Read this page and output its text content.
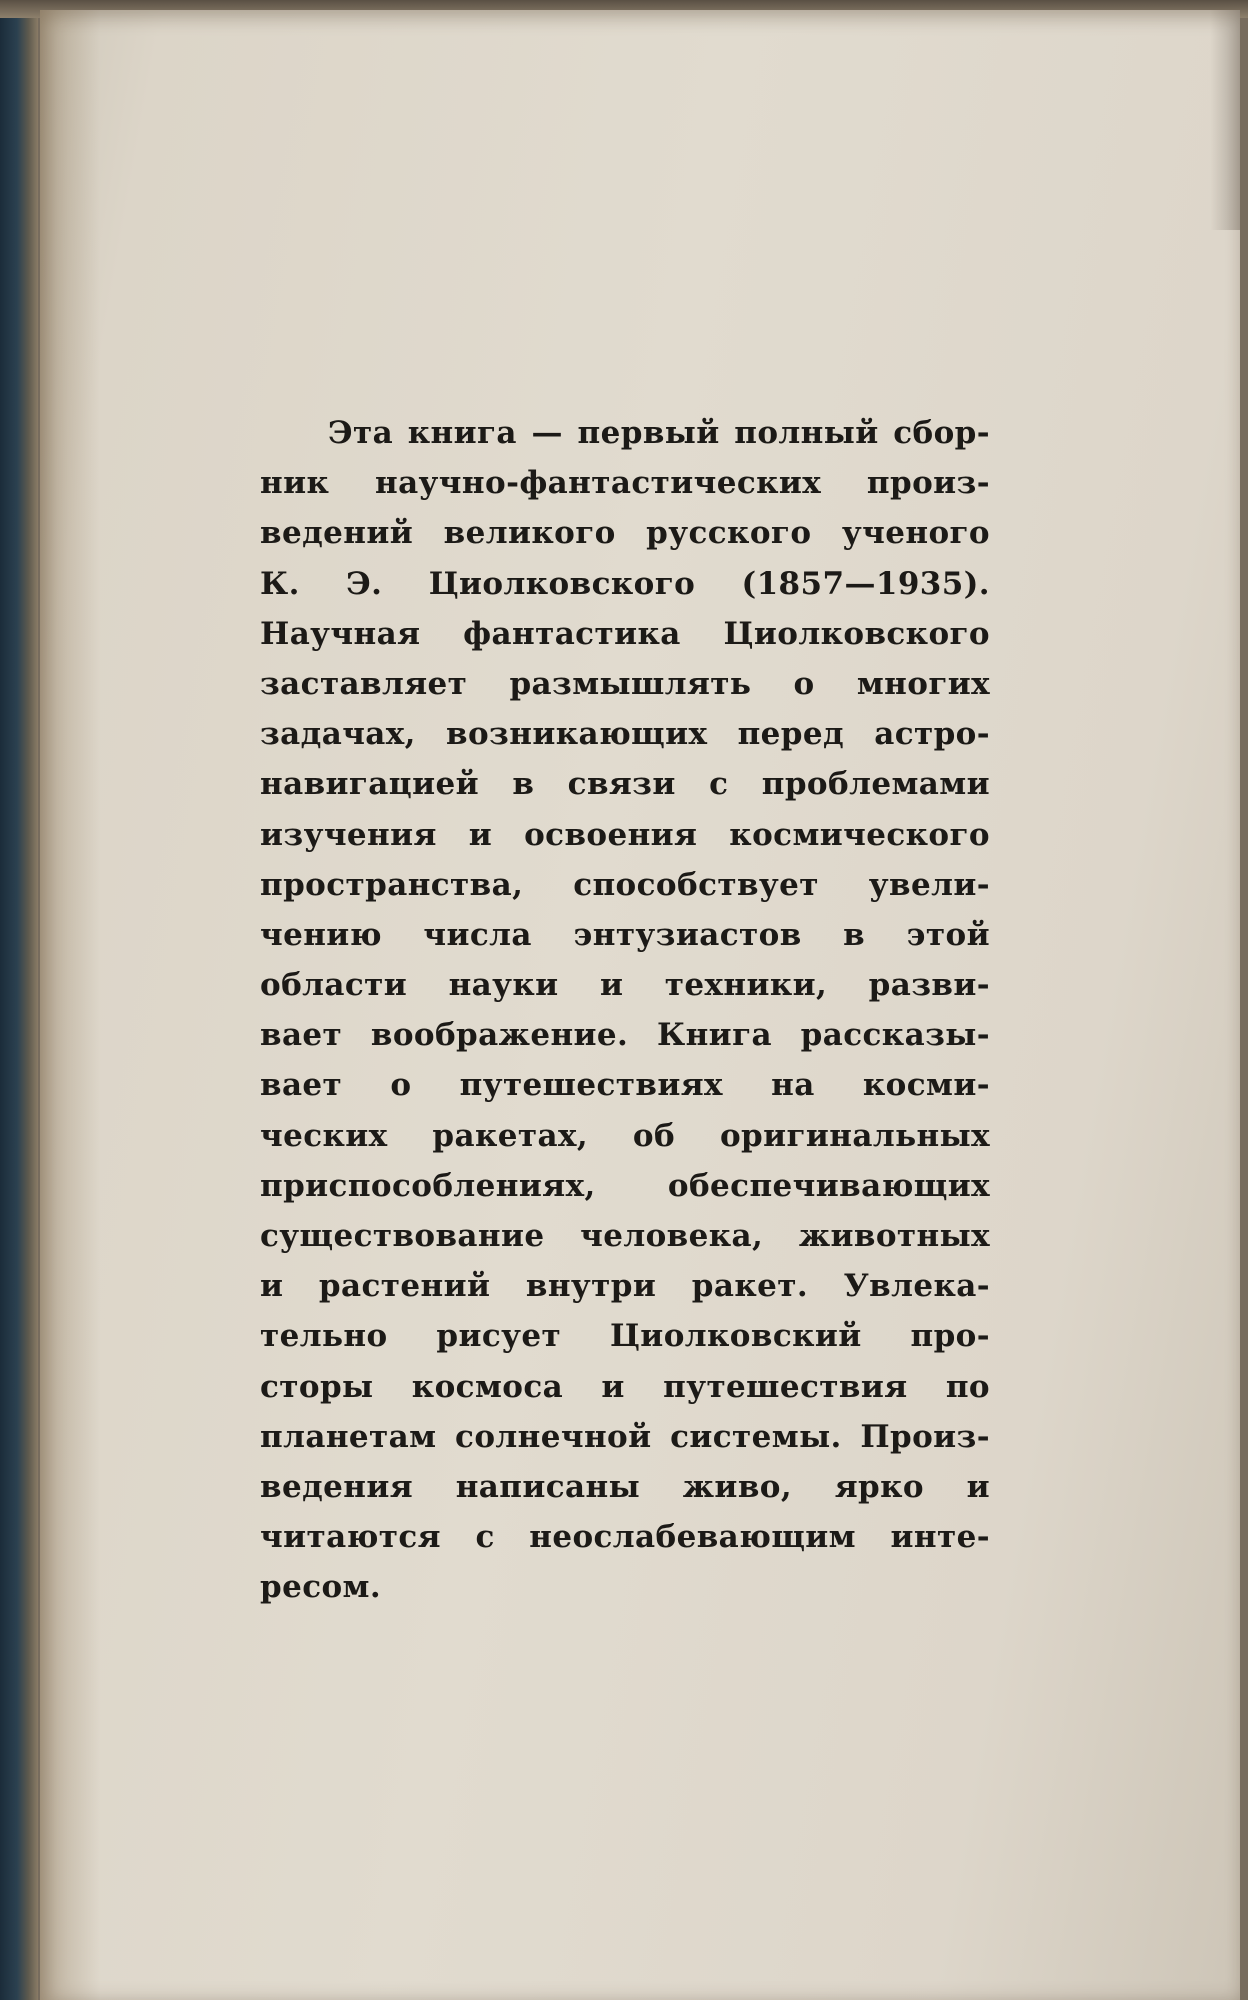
Эта книга — первый полный сбор-
ник научно-фантастических произ-
ведений великого русского ученого
К. Э. Циолковского (1857—1935).
Научная фантастика Циолковского
заставляет размышлять о многих
задачах, возникающих перед астро-
навигацией в связи с проблемами
изучения и освоения космического
пространства, способствует увели-
чению числа энтузиастов в этой
области науки и техники, разви-
вает воображение. Книга рассказы-
вает о путешествиях на косми-
ческих ракетах, об оригинальных
приспособлениях, обеспечивающих
существование человека, животных
и растений внутри ракет. Увлека-
тельно рисует Циолковский про-
сторы космоса и путешествия по
планетам солнечной системы. Произ-
ведения написаны живо, ярко и
читаются с неослабевающим инте-
ресом.
